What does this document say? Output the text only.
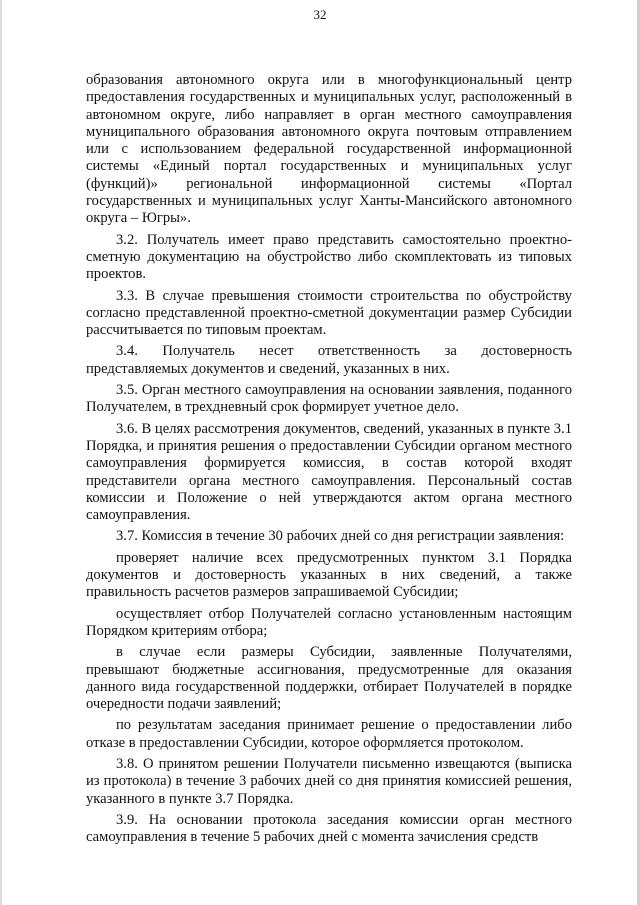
32

образования автономного округа или в многофункциональный центр предоставления государственных и муниципальных услуг, расположенный в автономном округе, либо направляет в орган местного самоуправления муниципального образования автономного округа почтовым отправлением или с использованием федеральной государственной информационной системы «Единый портал государственных и муниципальных услуг (функций)» региональной информационной системы «Портал государственных и муниципальных услуг Ханты-Мансийского автономного округа – Югры».

3.2. Получатель имеет право представить самостоятельно проектно-сметную документацию на обустройство либо скомплектовать из типовых проектов.

3.3. В случае превышения стоимости строительства по обустройству согласно представленной проектно-сметной документации размер Субсидии рассчитывается по типовым проектам.

3.4. Получатель несет ответственность за достоверность представляемых документов и сведений, указанных в них.

3.5. Орган местного самоуправления на основании заявления, поданного Получателем, в трехдневный срок формирует учетное дело.

3.6. В целях рассмотрения документов, сведений, указанных в пункте 3.1 Порядка, и принятия решения о предоставлении Субсидии органом местного самоуправления формируется комиссия, в состав которой входят представители органа местного самоуправления. Персональный состав комиссии и Положение о ней утверждаются актом органа местного самоуправления.

3.7. Комиссия в течение 30 рабочих дней со дня регистрации заявления:

проверяет наличие всех предусмотренных пунктом 3.1 Порядка документов и достоверность указанных в них сведений, а также правильность расчетов размеров запрашиваемой Субсидии;

осуществляет отбор Получателей согласно установленным настоящим Порядком критериям отбора;

в случае если размеры Субсидии, заявленные Получателями, превышают бюджетные ассигнования, предусмотренные для оказания данного вида государственной поддержки, отбирает Получателей в порядке очередности подачи заявлений;

по результатам заседания принимает решение о предоставлении либо отказе в предоставлении Субсидии, которое оформляется протоколом.

3.8. О принятом решении Получатели письменно извещаются (выписка из протокола) в течение 3 рабочих дней со дня принятия комиссией решения, указанного в пункте 3.7 Порядка.

3.9. На основании протокола заседания комиссии орган местного самоуправления в течение 5 рабочих дней с момента зачисления средств
